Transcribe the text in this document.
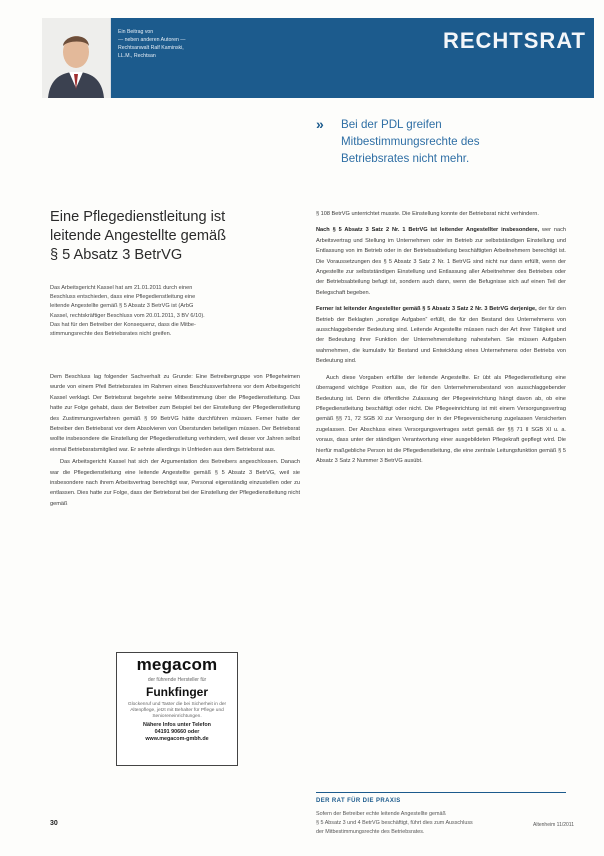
Ein Beitrag von
— neben anderen Autoren —
Rechtsanwalt Ralf Kaminski,
LL.M., Rechtsan
RECHTSRAT
» Bei der PDL greifen
Mitbestimmungsrechte des
Betriebsrates nicht mehr.
Eine Pflegedienstleitung ist
leitende Angestellte gemäß
§ 5 Absatz 3 BetrVG
Das Arbeitsgericht Kassel hat am 21.01.2011 durch einen
Beschluss entschieden, dass eine Pflegedienstleitung eine
leitende Angestellte gemäß § 5 Absatz 3 BetrVG ist (ArbG
Kassel, rechtskräftiger Beschluss vom 20.01.2011, 3 BV 6/10).
Das hat für den Betreiber der Konsequenz, dass die Mitbe-
stimmungsrechte des Betriebsrates nicht greifen.

Dem Beschluss lag folgender Sachverhalt zu Grunde: Eine Betreibergruppe von Pflegeheimen wurde von einem Pfeil Betriebsrates im Rahmen eines Beschlussverfahrens vor dem Arbeitsgericht Kassel verklagt. Der Betriebsrat begehrte seine Mitbestimmung über die Pflegedienstleitung. Das hatte zur Folge gehabt, dass der Betreiber zum Beispiel bei der Einstellung der Pflegedienstleitung des Zustimmungsverfahren gemäß § 99 BetrVG hätte durchführen müssen. Ferner hatte der Betreiber den Betriebsrat vor dem Absolvieren von Überstunden beteiligen müssen. Der Betriebsrat wollte insbesondere die Einstellung der Pflegedienstleitung verhindern, weil dieser vor Jahren selbst einmal Betriebsratsmitglied war. Er sehnte allerdings in Unfrieden aus dem Betriebsrat aus.

Das Arbeitsgericht Kassel hat sich der Argumentation des Betreibers angeschlossen. Danach war die Pflegedienstleitung eine leitende Angestellte gemäß § 5 Absatz 3 BetrVG, weil sie insbesondere nach ihrem Arbeitsvertrag berechtigt war, Personal eigenständig einzustellen oder zu entlassen. Dies hatte zur Folge, dass der Betriebsrat bei der Einstellung der Pflegedienstleitung nicht gemäß

§ 108 BetrVG unterrichtet musste. Die Einstellung konnte der Betriebsrat nicht verhindern.

Nach § 5 Absatz 3 Satz 2 Nr. 1 BetrVG ist leitender Angestellter insbesondere, wer nach Arbeitsvertrag und Stellung im Unternehmen oder im Betrieb zur selbstständigen Einstellung und Entlassung von im Betrieb oder in der Betriebsabteilung beschäftigten Arbeitnehmern berechtigt ist. Die Voraussetzungen des § 5 Absatz 3 Satz 2 Nr. 1 BetrVG sind nicht nur dann erfüllt, wenn der Angestellte zur selbstständigen Einstellung und Entlassung aller Arbeitnehmer des Betriebes oder der Betriebsabteilung befugt ist, sondern auch dann, wenn die Befugnisse sich auf einen Teil der Belegschaft begeben.

Ferner ist leitender Angestellter gemäß § 5 Absatz 3 Satz 2 Nr. 3 BetrVG derjenige, der für den Betrieb der Beklagten „sonstige Aufgaben“ erfüllt, die für den Bestand des Unternehmens von ausschlaggebender Bedeutung sind. Leitende Angestellte müssen nach der Art ihrer Tätigkeit und der Bedeutung ihrer Funktion der Unternehmensleitung nahestehen. Sie müssen Aufgaben wahrnehmen, die kumulativ für Bestand und Entwicklung eines Unternehmens oder Betriebs von Bedeutung sind.

Auch diese Vorgaben erfüllte der leitende Angestellte. Er übt als Pflegedienstleitung eine überragend wichtige Position aus, die für den Unternehmensbestand von ausschlaggebender Bedeutung ist. Denn die öffentliche Zulassung der Pflegeeinrichtung hängt davon ab, ob eine Pflegedienstleitung beschäftigt oder nicht. Die Pflegeeinrichtung ist mit einem Versorgungsvertrag gemäß §§ 71, 72 SGB XI zur Versorgung der in der Pflegeversicherung zugelassen Versicherten zugelassen. Der Abschluss eines Versorgungsvertrages setzt gemäß der §§ 71 II SGB XI u. a. voraus, dass unter der ständigen Verantwortung einer ausgebildeten Pflegekraft gepflegt wird. Die hierfür maßgebliche Person ist die Pflegedienstleitung, die eine zentrale Leitungsfunktion gemäß § 5 Absatz 3 Satz 2 Nummer 3 BetrVG ausübt.

megacom
der führende Hersteller für
Funkfinger
Glockenruf und Taster die bei Sicherheit in der Altenpflege, jetzt mit Behalter für Pflege und Senioreneinrichtungen.
Nähere Infos unter Telefon
04191 90660 oder
www.megacom-gmbh.de
DER RAT FÜR DIE PRAXIS
Sofern der Betreiber echte leitende Angestellte gemäß
§ 5 Absatz 3 und 4 BetrVG beschäftigt, führt dies zum Ausschluss
der Mitbestimmungsrechte des Betriebsrates.
30	Altenheim 11/2011
